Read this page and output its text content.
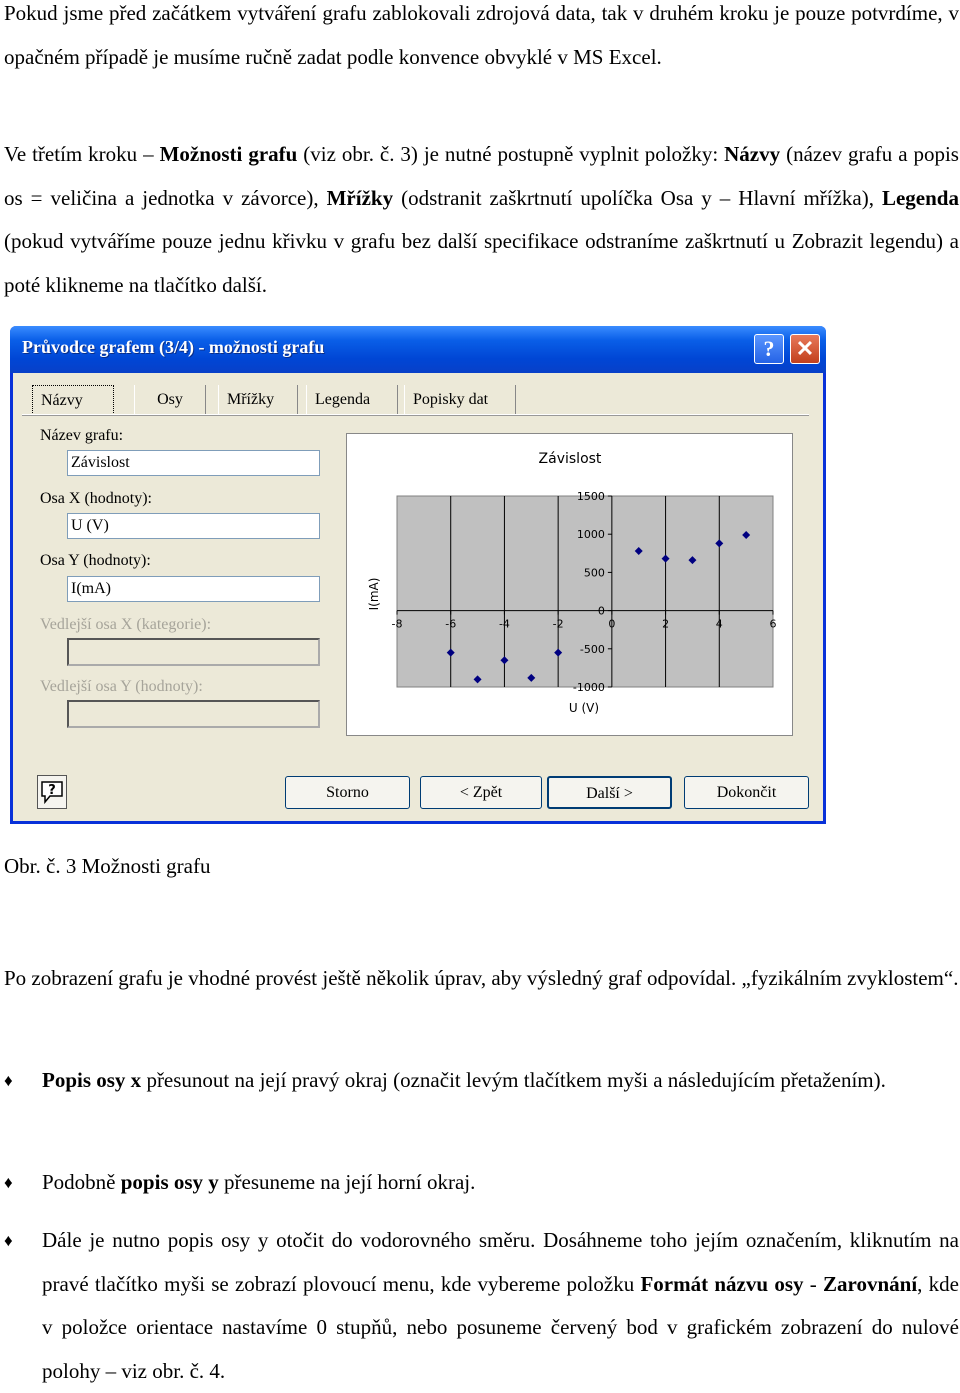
Pokud jsme před začátkem vytváření grafu zablokovali zdrojová data, tak v druhém kroku je pouze potvrdíme, v opačném případě je musíme ručně zadat podle konvence obvyklé v MS Excel.

Ve třetím kroku – Možnosti grafu (viz obr. č. 3) je nutné postupně vyplnit položky: Názvy (název grafu a popis os = veličina a jednotka v závorce), Mřížky (odstranit zaškrtnutí upolíčka Osa y – Hlavní mřížka), Legenda (pokud vytváříme pouze jednu křivku v grafu bez další specifikace odstraníme zaškrtnutí u Zobrazit legendu) a poté klikneme na tlačítko další.

Průvodce grafem (3/4) - možnosti grafu	? ✕
Názvy	Osy	Mřížky	Legenda	Popisky dat
Název grafu:
Závislost
Osa X (hodnoty):
U (V)
Osa Y (hodnoty):
I(mA)
Vedlejší osa X (kategorie):
Vedlejší osa Y (hodnoty):
Závislost
U (V)
I(mA)
-8	-6	-4	-2	0	2	4	6
1500
1000
500
0
-500
-1000
?	Storno	< Zpět	Další >	Dokončit
Obr. č. 3 Možnosti grafu

Po zobrazení grafu je vhodné provést ještě několik úprav, aby výsledný graf odpovídal. „fyzikálním zvyklostem“.

♦ Popis osy x přesunout na její pravý okraj (označit levým tlačítkem myši a následujícím přetažením).
♦ Podobně popis osy y přesuneme na její horní okraj.
♦ Dále je nutno popis osy y otočit do vodorovného směru. Dosáhneme toho jejím označením, kliknutím na pravé tlačítko myši se zobrazí plovoucí menu, kde vybereme položku Formát názvu osy - Zarovnání, kde v položce orientace nastavíme 0 stupňů, nebo posuneme červený bod v grafickém zobrazení do nulové polohy – viz obr. č. 4.
